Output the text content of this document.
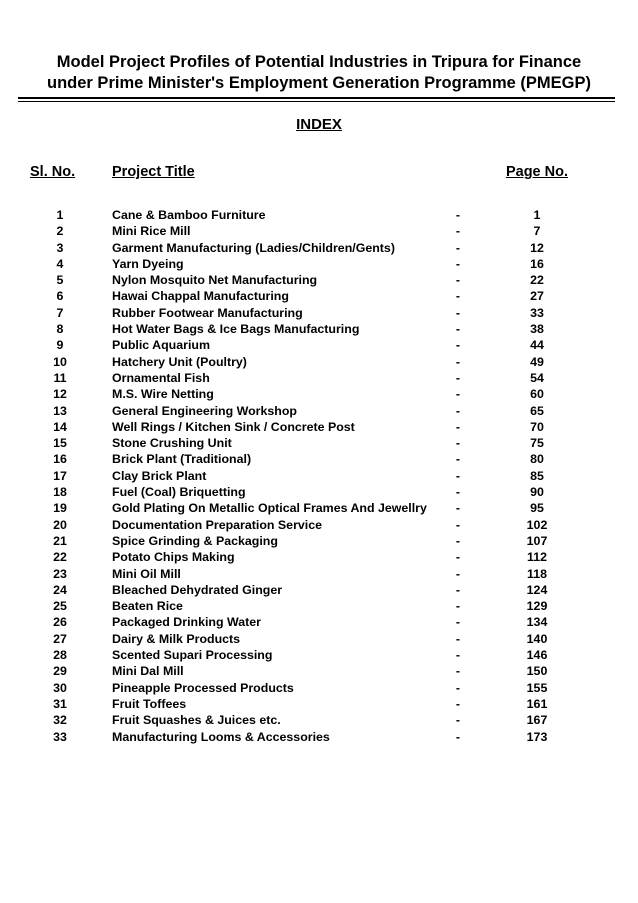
Model Project Profiles of Potential Industries in Tripura for Finance
under Prime Minister's Employment Generation Programme (PMEGP)
INDEX
Sl. No.	Project Title	Page No.
1	Cane & Bamboo Furniture	-	1
2	Mini Rice Mill	-	7
3	Garment Manufacturing (Ladies/Children/Gents)	-	12
4	Yarn Dyeing	-	16
5	Nylon Mosquito Net Manufacturing	-	22
6	Hawai Chappal Manufacturing	-	27
7	Rubber Footwear Manufacturing	-	33
8	Hot Water Bags & Ice Bags Manufacturing	-	38
9	Public Aquarium	-	44
10	Hatchery Unit (Poultry)	-	49
11	Ornamental Fish	-	54
12	M.S. Wire Netting	-	60
13	General Engineering Workshop	-	65
14	Well Rings / Kitchen Sink / Concrete Post	-	70
15	Stone Crushing Unit	-	75
16	Brick Plant (Traditional)	-	80
17	Clay Brick Plant	-	85
18	Fuel (Coal) Briquetting	-	90
19	Gold Plating On Metallic Optical Frames And Jewellry	-	95
20	Documentation Preparation Service	-	102
21	Spice Grinding & Packaging	-	107
22	Potato Chips Making	-	112
23	Mini Oil Mill	-	118
24	Bleached Dehydrated Ginger	-	124
25	Beaten Rice	-	129
26	Packaged Drinking Water	-	134
27	Dairy & Milk Products	-	140
28	Scented Supari Processing	-	146
29	Mini Dal Mill	-	150
30	Pineapple Processed Products	-	155
31	Fruit Toffees	-	161
32	Fruit Squashes & Juices etc.	-	167
33	Manufacturing Looms & Accessories	-	173
